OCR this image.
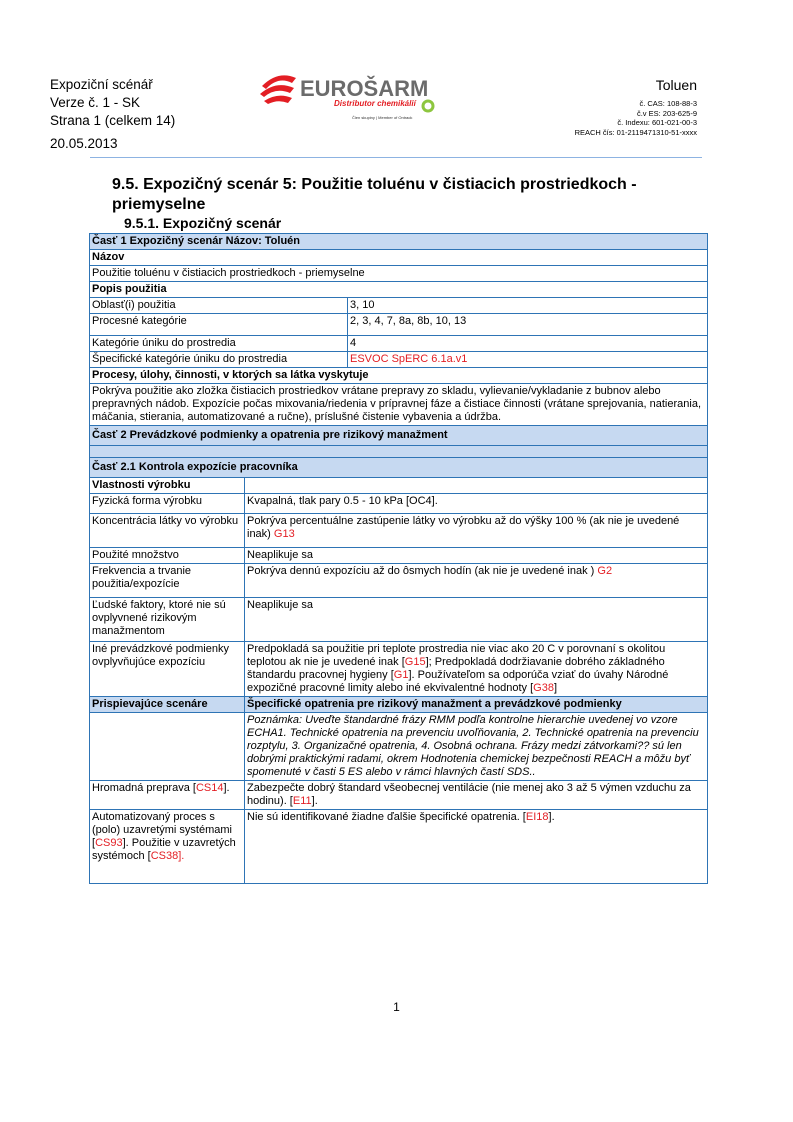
Expoziční scénář
Verze č. 1 - SK
Strana 1 (celkem 14)

20.05.2013
EUROŠARM
Distributor chemikálií
Člen skupiny | Member of Ontrack
Toluen
č. CAS: 108-88-3
č.v ES: 203-625-9
č. Indexu: 601-021-00-3
REACH čís: 01-2119471310-51-xxxx
9.5. Expozičný scenár 5: Použitie toluénu v čistiacich prostriedkoch - priemyselne
9.5.1. Expozičný scenár
Časť 1 Expozičný scenár Názov: Toluén		
Názov		
Použitie toluénu v čistiacich prostriedkoch - priemyselne		
Popis použitia		
Oblasť(i) použitia		3, 10
Procesné kategórie		2, 3, 4, 7, 8a, 8b, 10, 13
Kategórie úniku do prostredia		4
Špecifické kategórie úniku do prostredia		ESVOC SpERC 6.1a.v1
Procesy, úlohy, činnosti, v ktorých sa látka vyskytuje		
Pokrýva použitie ako zložka čistiacich prostriedkov vrátane prepravy zo skladu, vylievanie/vykladanie z bubnov alebo prepravných nádob. Expozície počas mixovania/riedenia v prípravnej fáze a čistiace činnosti (vrátane sprejovania, natierania, máčania, stierania, automatizované a ručne), príslušné čistenie vybavenia a údržba.		
Časť 2 Prevádzkové podmienky a opatrenia pre rizikový manažment		

Časť 2.1 Kontrola expozície pracovníka		
Vlastnosti výrobku		
Fyzická forma výrobku	Kvapalná, tlak pary 0.5 - 10 kPa [OC4].	
Koncentrácia látky vo výrobku	Pokrýva percentuálne zastúpenie látky vo výrobku až do výšky 100 % (ak nie je uvedené inak) G13	
Použité množstvo	Neaplikuje sa	
Frekvencia a trvanie použitia/expozície	Pokrýva dennú expozíciu až do ôsmych hodín (ak nie je uvedené inak ) G2	
Ľudské faktory, ktoré nie sú ovplyvnené rizikovým manažmentom	Neaplikuje sa	
Iné prevádzkové podmienky ovplyvňujúce expozíciu	Predpokladá sa použitie pri teplote prostredia nie viac ako 20 C v porovnaní s okolitou teplotou ak nie je uvedené inak [G15]; Predpokladá dodržiavanie dobrého základného štandardu pracovnej hygieny [G1]. Používateľom sa odporúča vziať do úvahy Národné expozičné pracovné limity alebo iné ekvivalentné hodnoty [G38]	
Prispievajúce scenáre	Špecifické opatrenia pre rizikový manažment a prevádzkové podmienky	
	Poznámka: Uveďte štandardné frázy RMM podľa kontrolne hierarchie uvedenej vo vzore ECHA1. Technické opatrenia na prevenciu uvoľňovania, 2. Technické opatrenia na prevenciu rozptylu, 3. Organizačné opatrenia, 4. Osobná ochrana. Frázy medzi zátvorkami?? sú len dobrými praktickými radami, okrem Hodnotenia chemickej bezpečnosti REACH a môžu byť spomenuté v časti 5 ES alebo v rámci hlavných častí SDS..	
Hromadná preprava [CS14].	Zabezpečte dobrý štandard všeobecnej ventilácie (nie menej ako 3 až 5 výmen vzduchu za hodinu). [E11].	
Automatizovaný proces s (polo) uzavretými systémami [CS93]. Použitie v uzavretých systémoch [CS38].	Nie sú identifikované žiadne ďalšie špecifické opatrenia. [EI18].	
1
